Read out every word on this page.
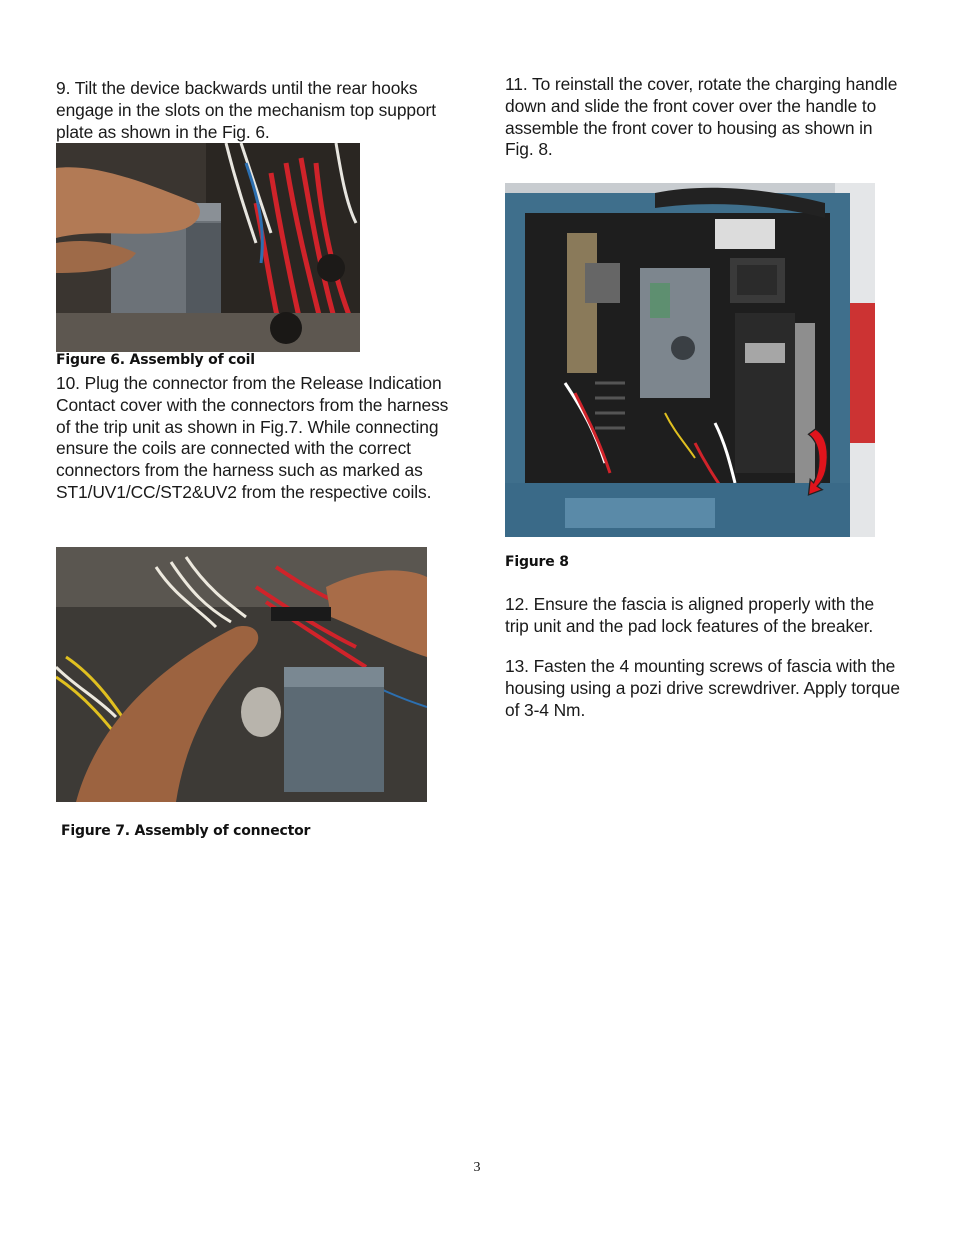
9. Tilt the device backwards until the rear hooks engage in the slots on the mechanism top support plate as shown in the Fig. 6.

Figure 6. Assembly of coil

10. Plug the connector from the Release Indication Contact cover with the connectors from the harness of the trip unit as shown in Fig.7. While connecting ensure the coils are connected with the correct connectors from the harness such as marked as ST1/UV1/CC/ST2&UV2 from the respective coils.

Figure 7. Assembly of connector

11. To reinstall the cover, rotate the charging handle down and slide the front cover over the handle to assemble the front cover to housing as shown in Fig. 8.

Figure 8

12. Ensure the fascia is aligned properly with the trip unit and the pad lock features of the breaker.

13. Fasten the 4 mounting screws of fascia with the housing using a pozi drive screwdriver. Apply torque of 3-4 Nm.

3
